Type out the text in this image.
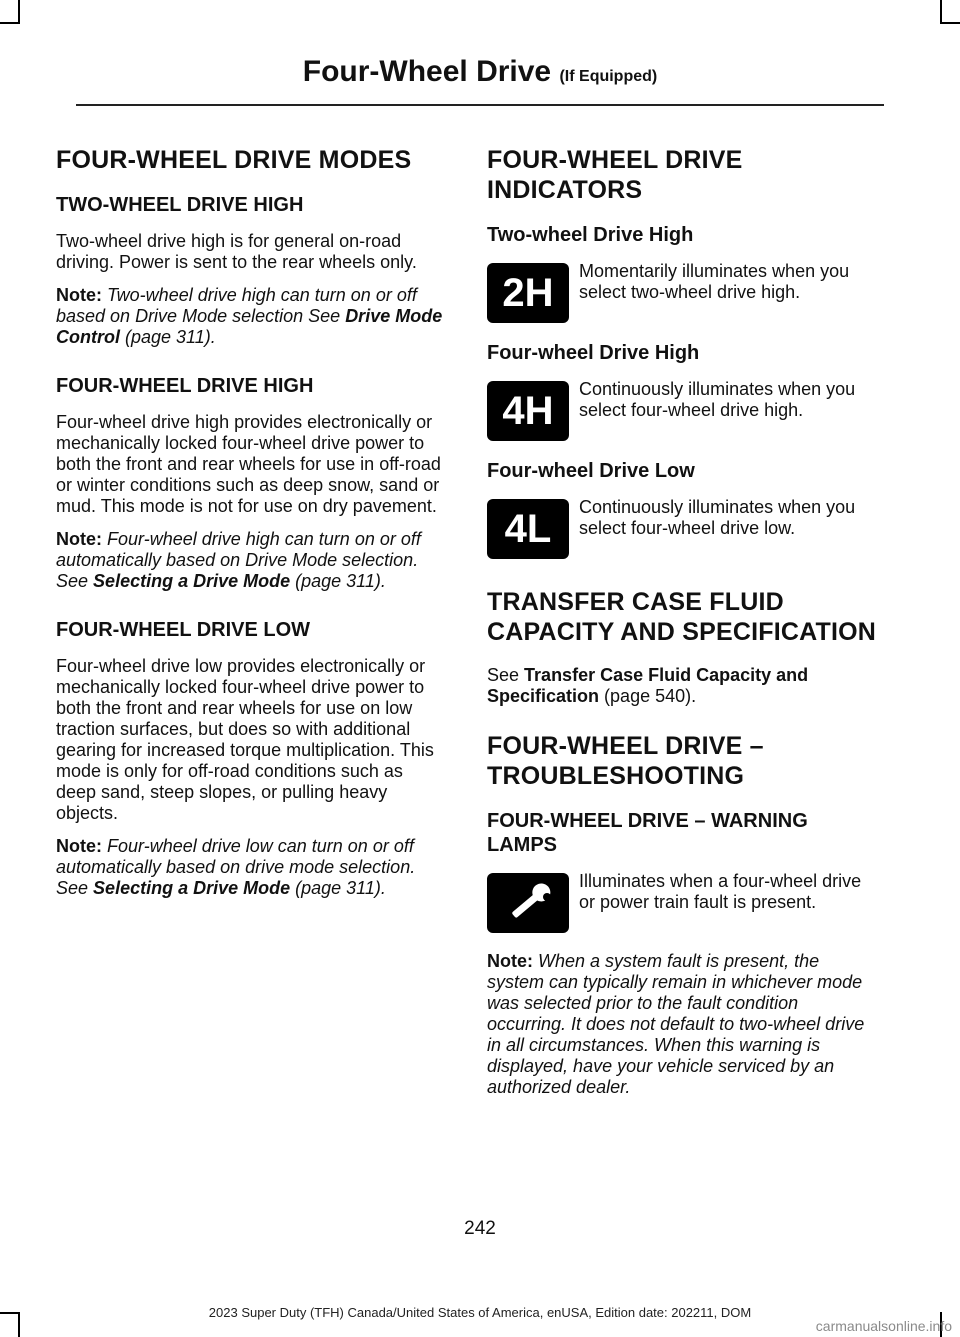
Four-Wheel Drive (If Equipped)
FOUR-WHEEL DRIVE MODES
TWO-WHEEL DRIVE HIGH

Two-wheel drive high is for general on-road driving. Power is sent to the rear wheels only.

Note: Two-wheel drive high can turn on or off based on Drive Mode selection See Drive Mode Control (page 311).

FOUR-WHEEL DRIVE HIGH

Four-wheel drive high provides electronically or mechanically locked four-wheel drive power to both the front and rear wheels for use in off-road or winter conditions such as deep snow, sand or mud. This mode is not for use on dry pavement.

Note: Four-wheel drive high can turn on or off automatically based on Drive Mode selection. See Selecting a Drive Mode (page 311).

FOUR-WHEEL DRIVE LOW

Four-wheel drive low provides electronically or mechanically locked four-wheel drive power to both the front and rear wheels for use on low traction surfaces, but does so with additional gearing for increased torque multiplication. This mode is only for off-road conditions such as deep sand, steep slopes, or pulling heavy objects.

Note: Four-wheel drive low can turn on or off automatically based on drive mode selection. See Selecting a Drive Mode (page 311).

FOUR-WHEEL DRIVE INDICATORS
Two-wheel Drive High
2H	Momentarily illuminates when you select two-wheel drive high.

Four-wheel Drive High
4H	Continuously illuminates when you select four-wheel drive high.

Four-wheel Drive Low
4L	Continuously illuminates when you select four-wheel drive low.

TRANSFER CASE FLUID CAPACITY AND SPECIFICATION

See Transfer Case Fluid Capacity and Specification (page 540).

FOUR-WHEEL DRIVE – TROUBLESHOOTING
FOUR-WHEEL DRIVE – WARNING LAMPS

Illuminates when a four-wheel drive or power train fault is present.

Note: When a system fault is present, the system can typically remain in whichever mode was selected prior to the fault condition occurring. It does not default to two-wheel drive in all circumstances. When this warning is displayed, have your vehicle serviced by an authorized dealer.

242
2023 Super Duty (TFH) Canada/United States of America, enUSA, Edition date: 202211, DOM
carmanualsonline.info
